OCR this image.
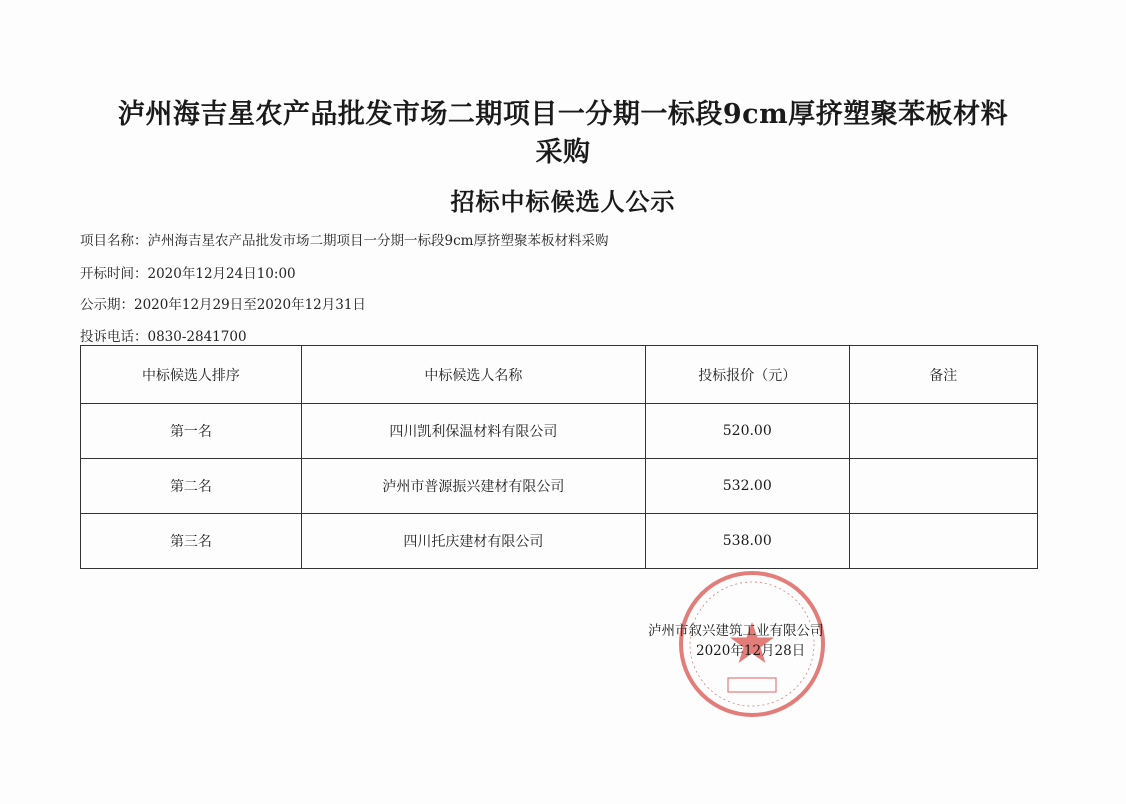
泸州海吉星农产品批发市场二期项目一分期一标段9cm厚挤塑聚苯板材料
采购
招标中标候选人公示
项目名称：泸州海吉星农产品批发市场二期项目一分期一标段9cm厚挤塑聚苯板材料采购
开标时间：2020年12月24日10:00
公示期：2020年12月29日至2020年12月31日
投诉电话：0830-2841700
中标候选人排序	中标候选人名称	投标报价（元）	备注
第一名	四川凯利保温材料有限公司	520.00	
第二名	泸州市普源振兴建材有限公司	532.00	
第三名	四川托庆建材有限公司	538.00	
泸州市叙兴建筑工业有限公司
2020年12月28日
